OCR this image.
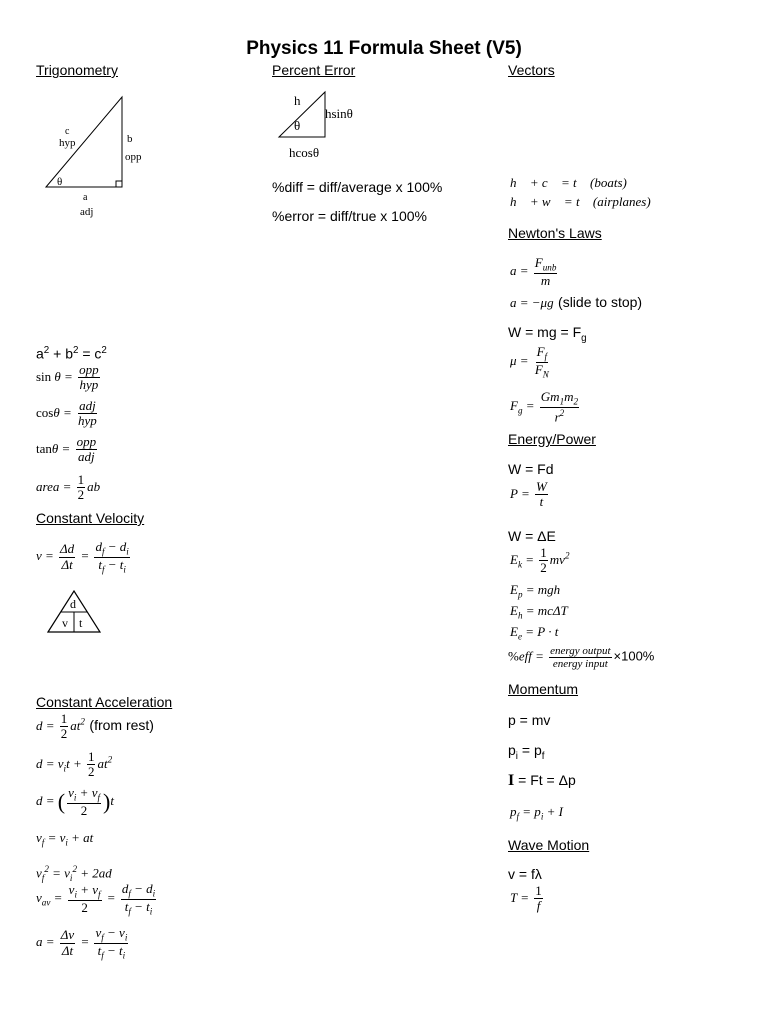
Physics 11 Formula Sheet (V5)
Trigonometry	Percent Error	Vectors
Newton's Laws
Energy/Power
Constant Velocity
Constant Acceleration
Momentum
Wave Motion
c
hyp	b
opp
a
adj
θ
h
θ
hsinθ
hcosθ
%diff = diff/average x 100%
%error = diff/true x 100%
h⃗ + c⃗ = t⃗ (boats)
h⃗ + w⃗ = t⃗ (airplanes)
$a = \frac{F_{unb}}{m}$
a = −μg (slide to stop)
W = mg = $F_g$
$\mu = \frac{F_f}{F_N}$
$F_g = \frac{Gm_1m_2}{r^2}$
W = Fd
$P = \frac{W}{t}$
W = ΔE
$E_k = \frac{1}{2} mv^2$
$E_p$ = mgh
$E_h = mc\Delta T$
$E_e = P \cdot t$
$\%eff = \frac{\text{energy output}}{\text{energy input}} \times 100\%$
p = mv
$p_i = p_f$
I = Ft = Δp
$p_f = p_i + I$
v = fλ
$T = \frac{1}{f}$
$a^2 + b^2 = c^2$
$\sin \theta = \frac{\text{opp}}{\text{hyp}}$
$\cos\theta = \frac{\text{adj}}{\text{hyp}}$
$\tan\theta = \frac{\text{opp}}{\text{adj}}$
area = $\frac{1}{2}$ ab
$v = \frac{\Delta d}{\Delta t} = \frac{d_f - d_i}{t_f - t_i}$
d
v t
$d = \frac{1}{2} at^2$ (from rest)
$d = v_it + \frac{1}{2} at^2$
d = ( $\frac{v_i + v_f}{2} )t$
$v_f = v_i$ + at
$v_f^2 = v_i^2 + 2ad$
$v_{av} = \frac{v_i + v_f}{2} = \frac{d_f - d_i}{t_f - t_i}$
$a = \frac{\Delta v}{\Delta t} = \frac{v_f - v_i}{t_f - t_i}$
